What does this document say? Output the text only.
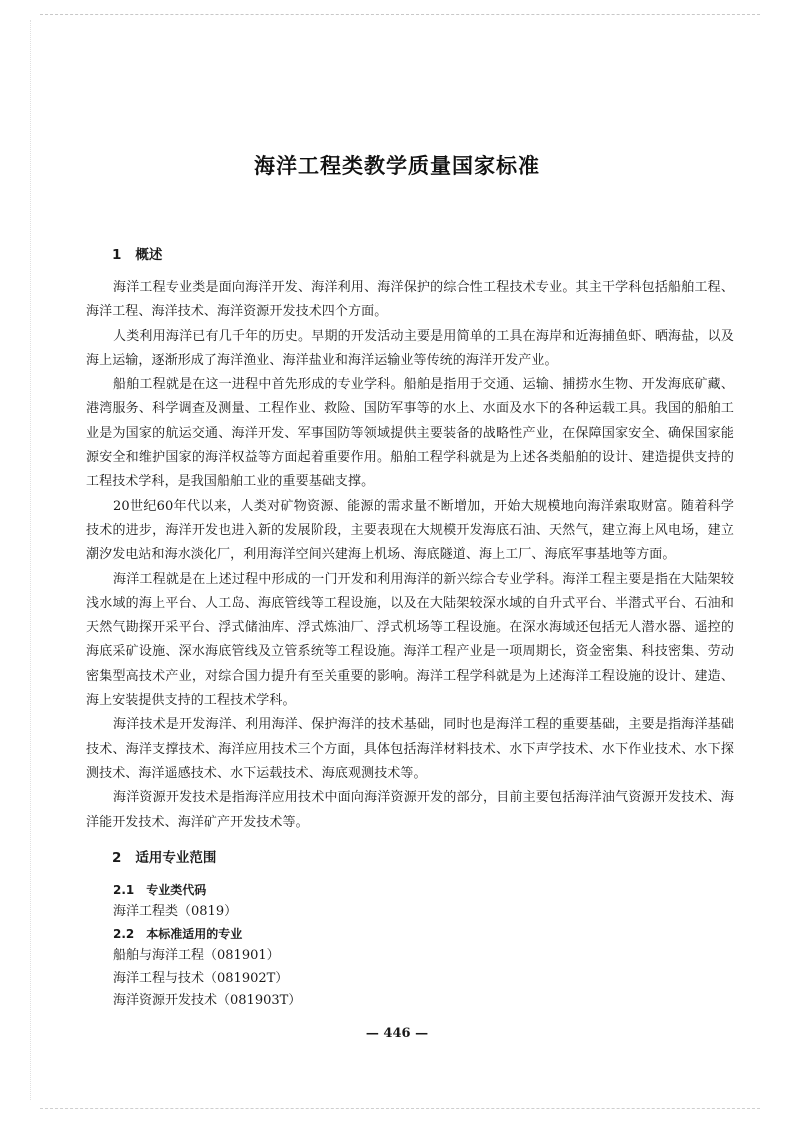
海洋工程类教学质量国家标准
1 概述

海洋工程专业类是面向海洋开发、海洋利用、海洋保护的综合性工程技术专业。其主干学科包括船舶工程、海洋工程、海洋技术、海洋资源开发技术四个方面。

人类利用海洋已有几千年的历史。早期的开发活动主要是用简单的工具在海岸和近海捕鱼虾、晒海盐，以及海上运输，逐渐形成了海洋渔业、海洋盐业和海洋运输业等传统的海洋开发产业。

船舶工程就是在这一进程中首先形成的专业学科。船舶是指用于交通、运输、捕捞水生物、开发海底矿藏、港湾服务、科学调查及测量、工程作业、救险、国防军事等的水上、水面及水下的各种运载工具。我国的船舶工业是为国家的航运交通、海洋开发、军事国防等领域提供主要装备的战略性产业，在保障国家安全、确保国家能源安全和维护国家的海洋权益等方面起着重要作用。船舶工程学科就是为上述各类船舶的设计、建造提供支持的工程技术学科，是我国船舶工业的重要基础支撑。

20世纪60年代以来，人类对矿物资源、能源的需求量不断增加，开始大规模地向海洋索取财富。随着科学技术的进步，海洋开发也进入新的发展阶段，主要表现在大规模开发海底石油、天然气，建立海上风电场，建立潮汐发电站和海水淡化厂，利用海洋空间兴建海上机场、海底隧道、海上工厂、海底军事基地等方面。

海洋工程就是在上述过程中形成的一门开发和利用海洋的新兴综合专业学科。海洋工程主要是指在大陆架较浅水域的海上平台、人工岛、海底管线等工程设施，以及在大陆架较深水域的自升式平台、半潜式平台、石油和天然气勘探开采平台、浮式储油库、浮式炼油厂、浮式机场等工程设施。在深水海域还包括无人潜水器、遥控的海底采矿设施、深水海底管线及立管系统等工程设施。海洋工程产业是一项周期长，资金密集、科技密集、劳动密集型高技术产业，对综合国力提升有至关重要的影响。海洋工程学科就是为上述海洋工程设施的设计、建造、海上安装提供支持的工程技术学科。

海洋技术是开发海洋、利用海洋、保护海洋的技术基础，同时也是海洋工程的重要基础，主要是指海洋基础技术、海洋支撑技术、海洋应用技术三个方面，具体包括海洋材料技术、水下声学技术、水下作业技术、水下探测技术、海洋遥感技术、水下运载技术、海底观测技术等。

海洋资源开发技术是指海洋应用技术中面向海洋资源开发的部分，目前主要包括海洋油气资源开发技术、海洋能开发技术、海洋矿产开发技术等。

2 适用专业范围
2.1 专业类代码
海洋工程类（0819）
2.2 本标准适用的专业
船舶与海洋工程（081901）
海洋工程与技术（081902T）
海洋资源开发技术（081903T）
— 446 —
